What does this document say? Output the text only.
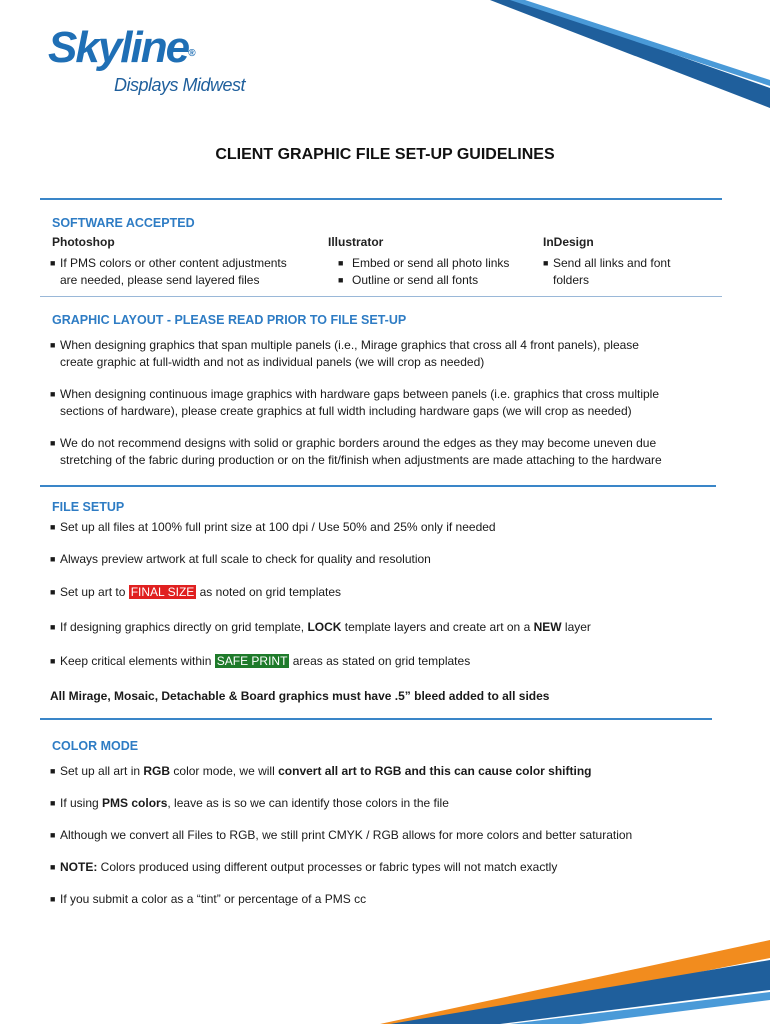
Skyline®
Displays Midwest
CLIENT GRAPHIC FILE SET-UP GUIDELINES
SOFTWARE ACCEPTED
Photoshop	Illustrator	InDesign
■ If PMS colors or other content adjustments
are needed, please send layered files
■ Embed or send all photo links
■ Outline or send all fonts
■ Send all links and font
folders
GRAPHIC LAYOUT - PLEASE READ PRIOR TO FILE SET-UP
■ When designing graphics that span multiple panels (i.e., Mirage graphics that cross all 4 front panels), please
create graphic at full-width and not as individual panels (we will crop as needed)
■ When designing continuous image graphics with hardware gaps between panels (i.e. graphics that cross multiple
sections of hardware), please create graphics at full width including hardware gaps (we will crop as needed)
■ We do not recommend designs with solid or graphic borders around the edges as they may become uneven due
stretching of the fabric during production or on the fit/finish when adjustments are made attaching to the hardware
FILE SETUP
■ Set up all files at 100% full print size at 100 dpi / Use 50% and 25% only if needed
■ Always preview artwork at full scale to check for quality and resolution
■ Set up art to FINAL SIZE as noted on grid templates
■ If designing graphics directly on grid template, LOCK template layers and create art on a NEW layer
■ Keep critical elements within SAFE PRINT areas as stated on grid templates
All Mirage, Mosaic, Detachable & Board graphics must have .5” bleed added to all sides
COLOR MODE
■ Set up all art in RGB color mode, we will convert all art to RGB and this can cause color shifting
■ If using PMS colors, leave as is so we can identify those colors in the file
■ Although we convert all Files to RGB, we still print CMYK / RGB allows for more colors and better saturation
■ NOTE: Colors produced using different output processes or fabric types will not match exactly
■ If you submit a color as a “tint” or percentage of a PMS cc
